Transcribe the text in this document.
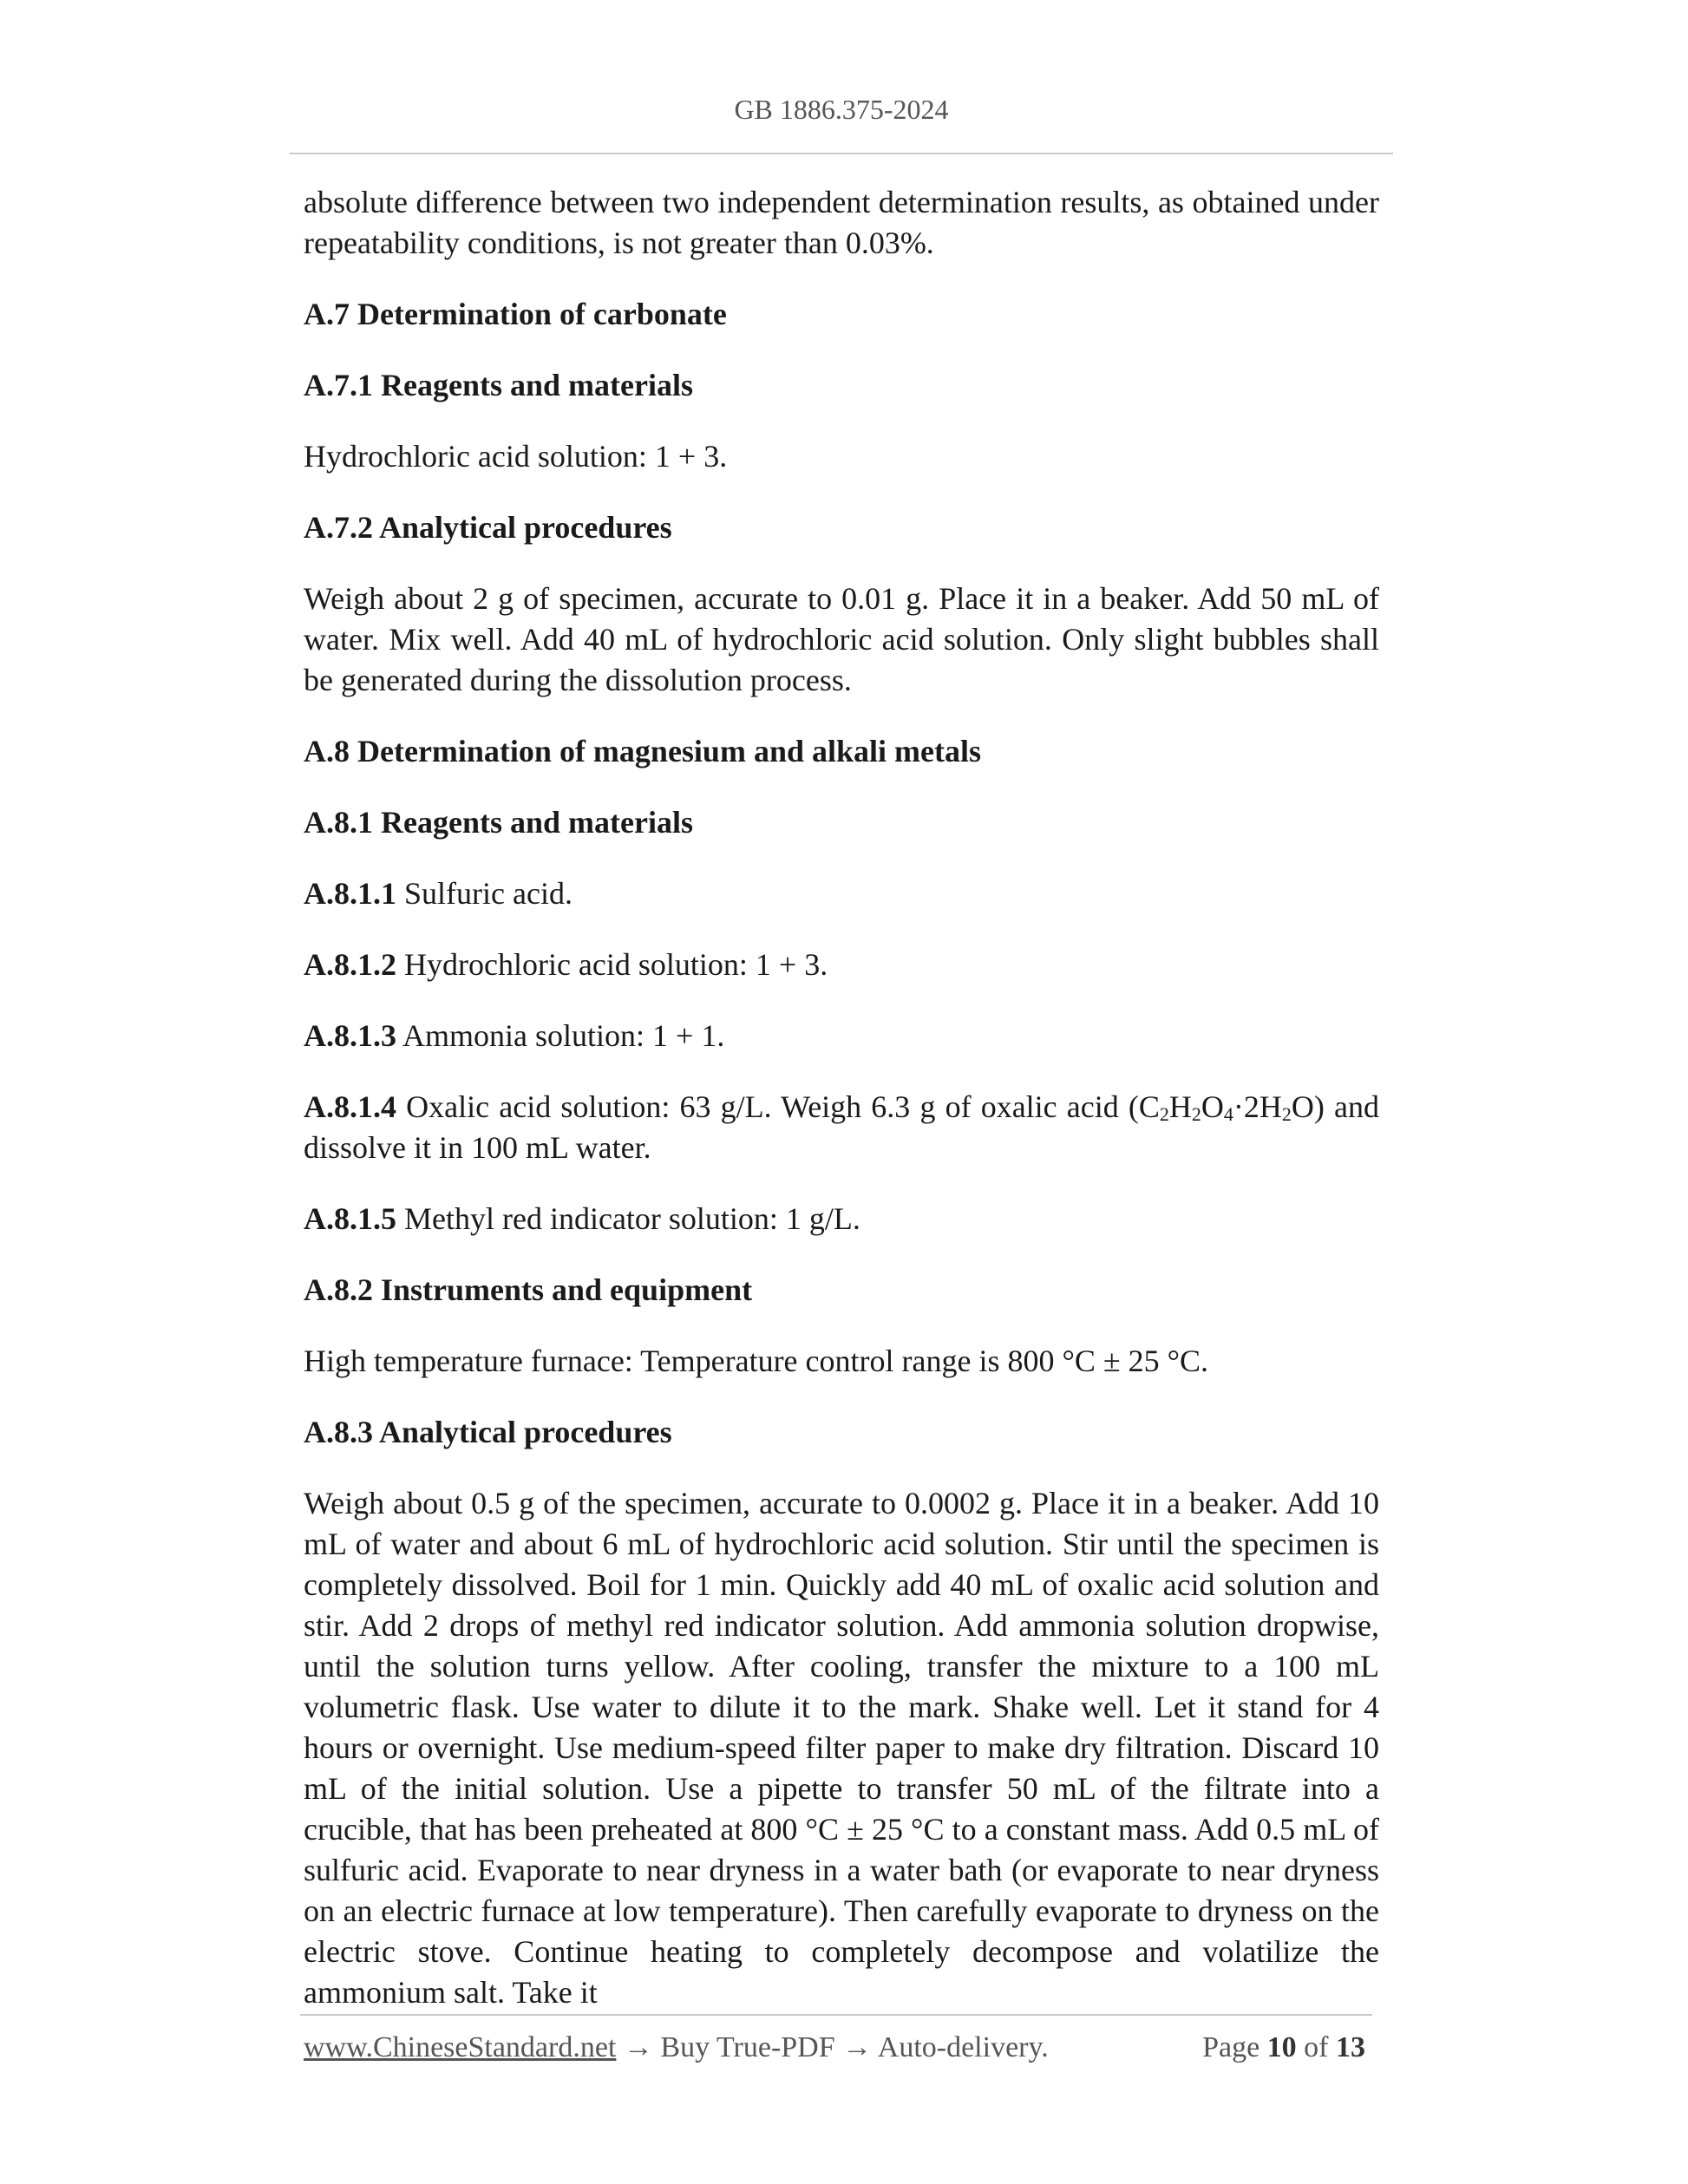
GB 1886.375-2024

absolute difference between two independent determination results, as obtained under repeatability conditions, is not greater than 0.03%.

A.7 Determination of carbonate
A.7.1 Reagents and materials

Hydrochloric acid solution: 1 + 3.

A.7.2 Analytical procedures

Weigh about 2 g of specimen, accurate to 0.01 g. Place it in a beaker. Add 50 mL of water. Mix well. Add 40 mL of hydrochloric acid solution. Only slight bubbles shall be generated during the dissolution process.

A.8 Determination of magnesium and alkali metals
A.8.1 Reagents and materials

A.8.1.1 Sulfuric acid.

A.8.1.2 Hydrochloric acid solution: 1 + 3.

A.8.1.3 Ammonia solution: 1 + 1.

A.8.1.4 Oxalic acid solution: 63 g/L. Weigh 6.3 g of oxalic acid $(C_2H_2O_4\cdot 2H_2O)$ and dissolve it in 100 mL water.

A.8.1.5 Methyl red indicator solution: 1 g/L.

A.8.2 Instruments and equipment

High temperature furnace: Temperature control range is 800 °C ± 25 °C.

A.8.3 Analytical procedures

Weigh about 0.5 g of the specimen, accurate to 0.0002 g. Place it in a beaker. Add 10 mL of water and about 6 mL of hydrochloric acid solution. Stir until the specimen is completely dissolved. Boil for 1 min. Quickly add 40 mL of oxalic acid solution and stir. Add 2 drops of methyl red indicator solution. Add ammonia solution dropwise, until the solution turns yellow. After cooling, transfer the mixture to a 100 mL volumetric flask. Use water to dilute it to the mark. Shake well. Let it stand for 4 hours or overnight. Use medium-speed filter paper to make dry filtration. Discard 10 mL of the initial solution. Use a pipette to transfer 50 mL of the filtrate into a crucible, that has been preheated at 800 °C ± 25 °C to a constant mass. Add 0.5 mL of sulfuric acid. Evaporate to near dryness in a water bath (or evaporate to near dryness on an electric furnace at low temperature). Then carefully evaporate to dryness on the electric stove. Continue heating to completely decompose and volatilize the ammonium salt. Take it

www.ChineseStandard.net → Buy True-PDF → Auto-delivery.	Page 10 of 13
